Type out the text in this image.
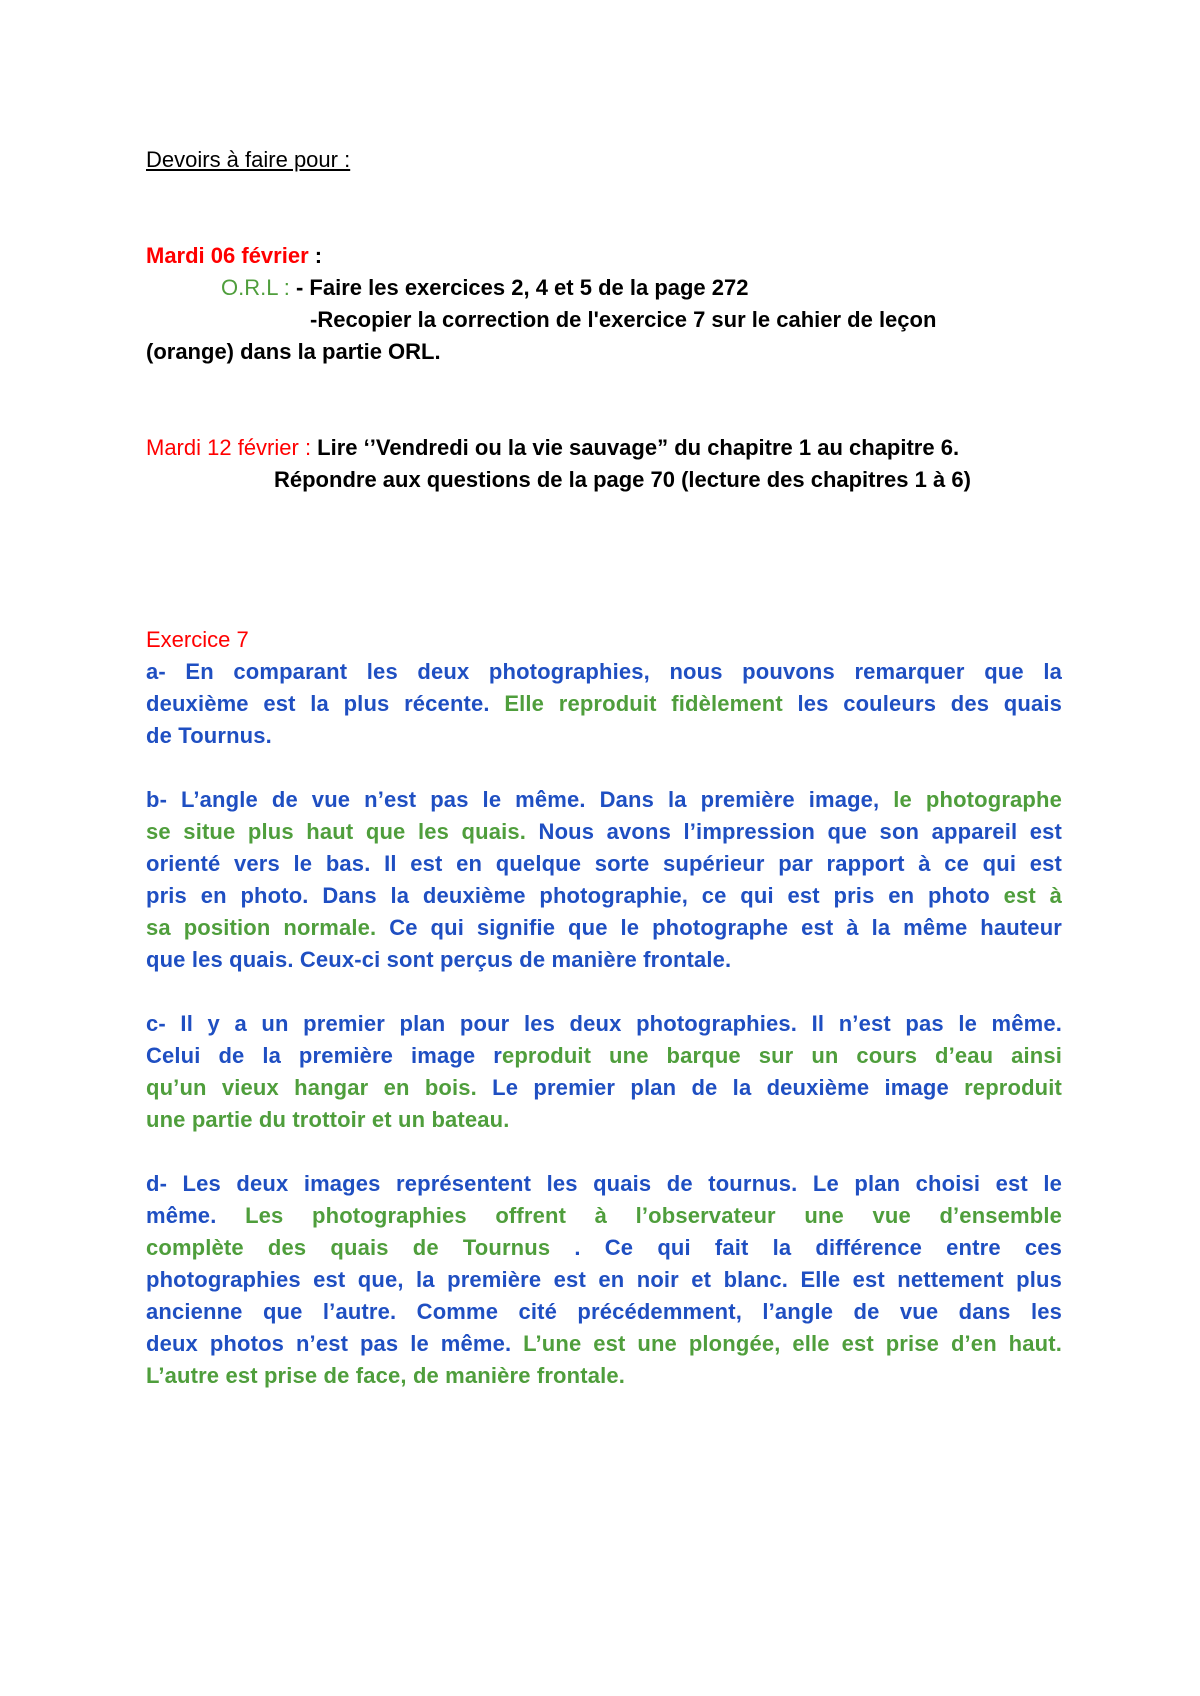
Devoirs à faire pour :
Mardi 06 février :
O.R.L : - Faire les exercices 2, 4 et 5 de la page 272
-Recopier la correction de l'exercice 7 sur le cahier de leçon
(orange) dans la partie ORL.
Mardi 12 février : Lire ‘’Vendredi ou la vie sauvage” du chapitre 1 au chapitre 6.
Répondre aux questions de la page 70 (lecture des chapitres 1 à 6)
Exercice 7
a- En comparant les deux photographies, nous pouvons remarquer que la
deuxième est la plus récente. Elle reproduit fidèlement les couleurs des quais
de Tournus.
b- L’angle de vue n’est pas le même. Dans la première image, le photographe
se situe plus haut que les quais. Nous avons l’impression que son appareil est
orienté vers le bas. Il est en quelque sorte supérieur par rapport à ce qui est
pris en photo. Dans la deuxième photographie, ce qui est pris en photo est à
sa position normale. Ce qui signifie que le photographe est à la même hauteur
que les quais. Ceux-ci sont perçus de manière frontale.
c- Il y a un premier plan pour les deux photographies. Il n’est pas le même.
Celui de la première image reproduit une barque sur un cours d’eau ainsi
qu’un vieux hangar en bois. Le premier plan de la deuxième image reproduit
une partie du trottoir et un bateau.
d- Les deux images représentent les quais de tournus. Le plan choisi est le
même. Les photographies offrent à l’observateur une vue d’ensemble
complète des quais de Tournus . Ce qui fait la différence entre ces
photographies est que, la première est en noir et blanc. Elle est nettement plus
ancienne que l’autre. Comme cité précédemment, l’angle de vue dans les
deux photos n’est pas le même. L’une est une plongée, elle est prise d’en haut.
L’autre est prise de face, de manière frontale.
